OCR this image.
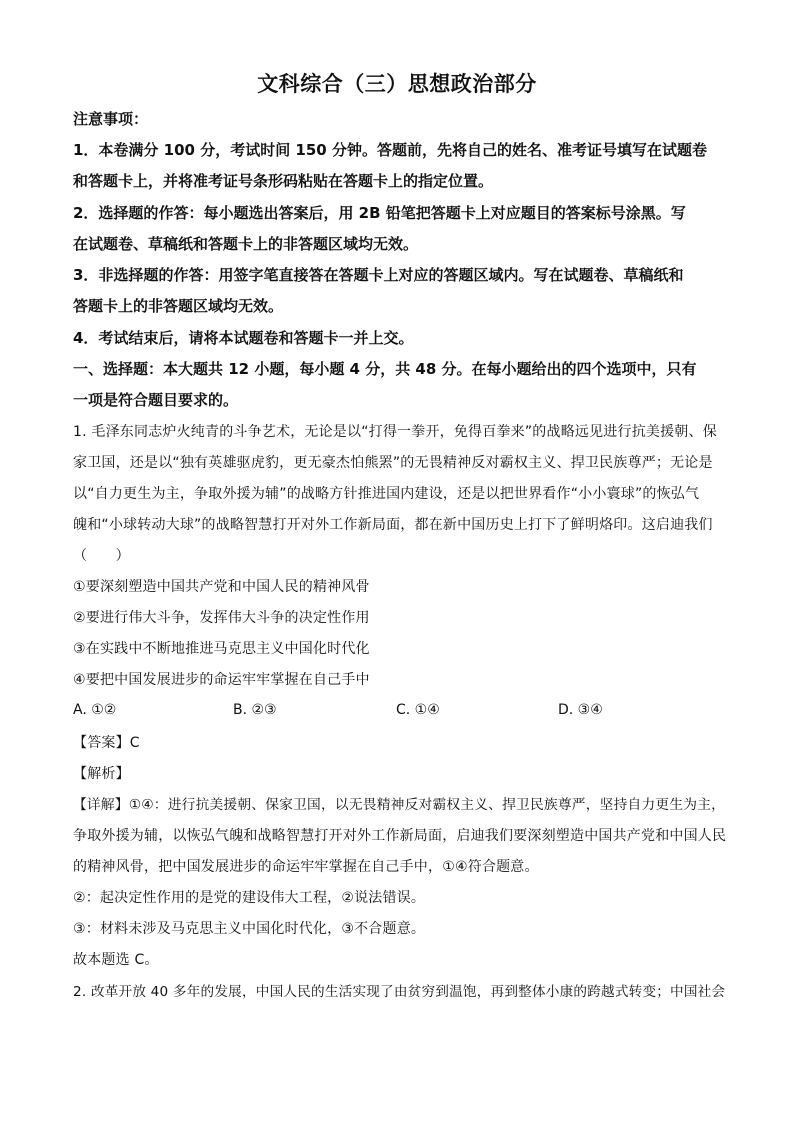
文科综合（三）思想政治部分
注意事项：
1．本卷满分 100 分，考试时间 150 分钟。答题前，先将自己的姓名、准考证号填写在试题卷
和答题卡上，并将准考证号条形码粘贴在答题卡上的指定位置。
2．选择题的作答：每小题选出答案后，用 2B 铅笔把答题卡上对应题目的答案标号涂黑。写
在试题卷、草稿纸和答题卡上的非答题区域均无效。
3．非选择题的作答：用签字笔直接答在答题卡上对应的答题区域内。写在试题卷、草稿纸和
答题卡上的非答题区域均无效。
4．考试结束后，请将本试题卷和答题卡一并上交。
一、选择题：本大题共 12 小题，每小题 4 分，共 48 分。在每小题给出的四个选项中，只有
一项是符合题目要求的。
1. 毛泽东同志炉火纯青的斗争艺术，无论是以“打得一拳开，免得百拳来”的战略远见进行抗美援朝、保
家卫国，还是以“独有英雄驱虎豹，更无豪杰怕熊罴”的无畏精神反对霸权主义、捍卫民族尊严；无论是
以“自力更生为主，争取外援为辅”的战略方针推进国内建设，还是以把世界看作“小小寰球”的恢弘气
魄和“小球转动大球”的战略智慧打开对外工作新局面，都在新中国历史上打下了鲜明烙印。这启迪我们
（　　）
①要深刻塑造中国共产党和中国人民的精神风骨
②要进行伟大斗争，发挥伟大斗争的决定性作用
③在实践中不断地推进马克思主义中国化时代化
④要把中国发展进步的命运牢牢掌握在自己手中
A. ①②	B. ②③	C. ①④	D. ③④
【答案】C
【解析】
【详解】①④：进行抗美援朝、保家卫国，以无畏精神反对霸权主义、捍卫民族尊严，坚持自力更生为主，
争取外援为辅，以恢弘气魄和战略智慧打开对外工作新局面，启迪我们要深刻塑造中国共产党和中国人民
的精神风骨，把中国发展进步的命运牢牢掌握在自己手中，①④符合题意。
②：起决定性作用的是党的建设伟大工程，②说法错误。
③：材料未涉及马克思主义中国化时代化，③不合题意。
故本题选 C。
2. 改革开放 40 多年的发展，中国人民的生活实现了由贫穷到温饱，再到整体小康的跨越式转变；中国社会
